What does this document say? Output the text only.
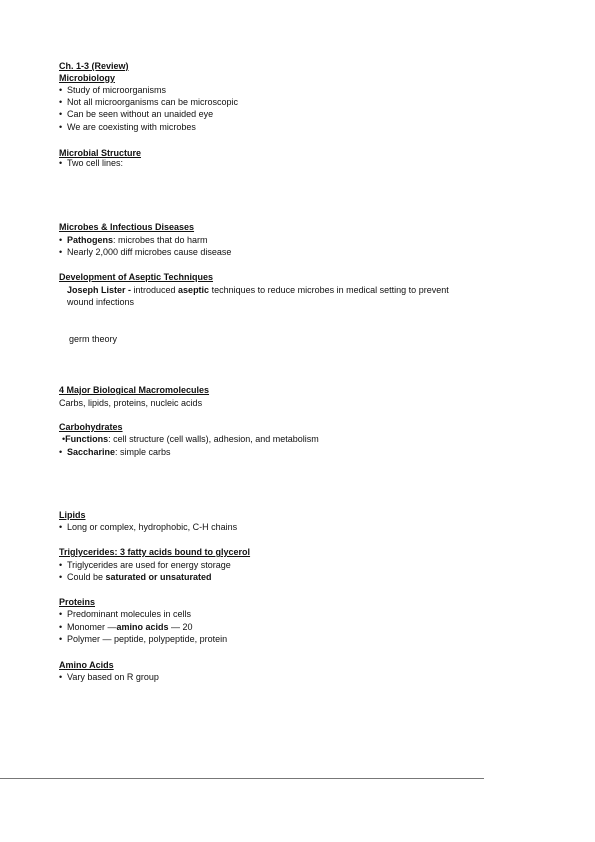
Ch. 1-3 (Review)
Microbiology
• Study of microorganisms
• Not all microorganisms can be microscopic
• Can be seen without an unaided eye
• We are coexisting with microbes
Microbial Structure
• Two cell lines:
Microbes & Infectious Diseases
• Pathogens: microbes that do harm
• Nearly 2,000 diff microbes cause disease
Development of Aseptic Techniques
Joseph Lister - introduced aseptic techniques to reduce microbes in medical setting to prevent
wound infections
germ theory
4 Major Biological Macromolecules
Carbs, lipids, proteins, nucleic acids
Carbohydrates
•Functions: cell structure (cell walls), adhesion, and metabolism
• Saccharine: simple carbs
Lipids
• Long or complex, hydrophobic, C-H chains
Triglycerides: 3 fatty acids bound to glycerol
• Triglycerides are used for energy storage
• Could be saturated or unsaturated
Proteins
• Predominant molecules in cells
• Monomer —amino acids — 20
• Polymer — peptide, polypeptide, protein
Amino Acids
• Vary based on R group
